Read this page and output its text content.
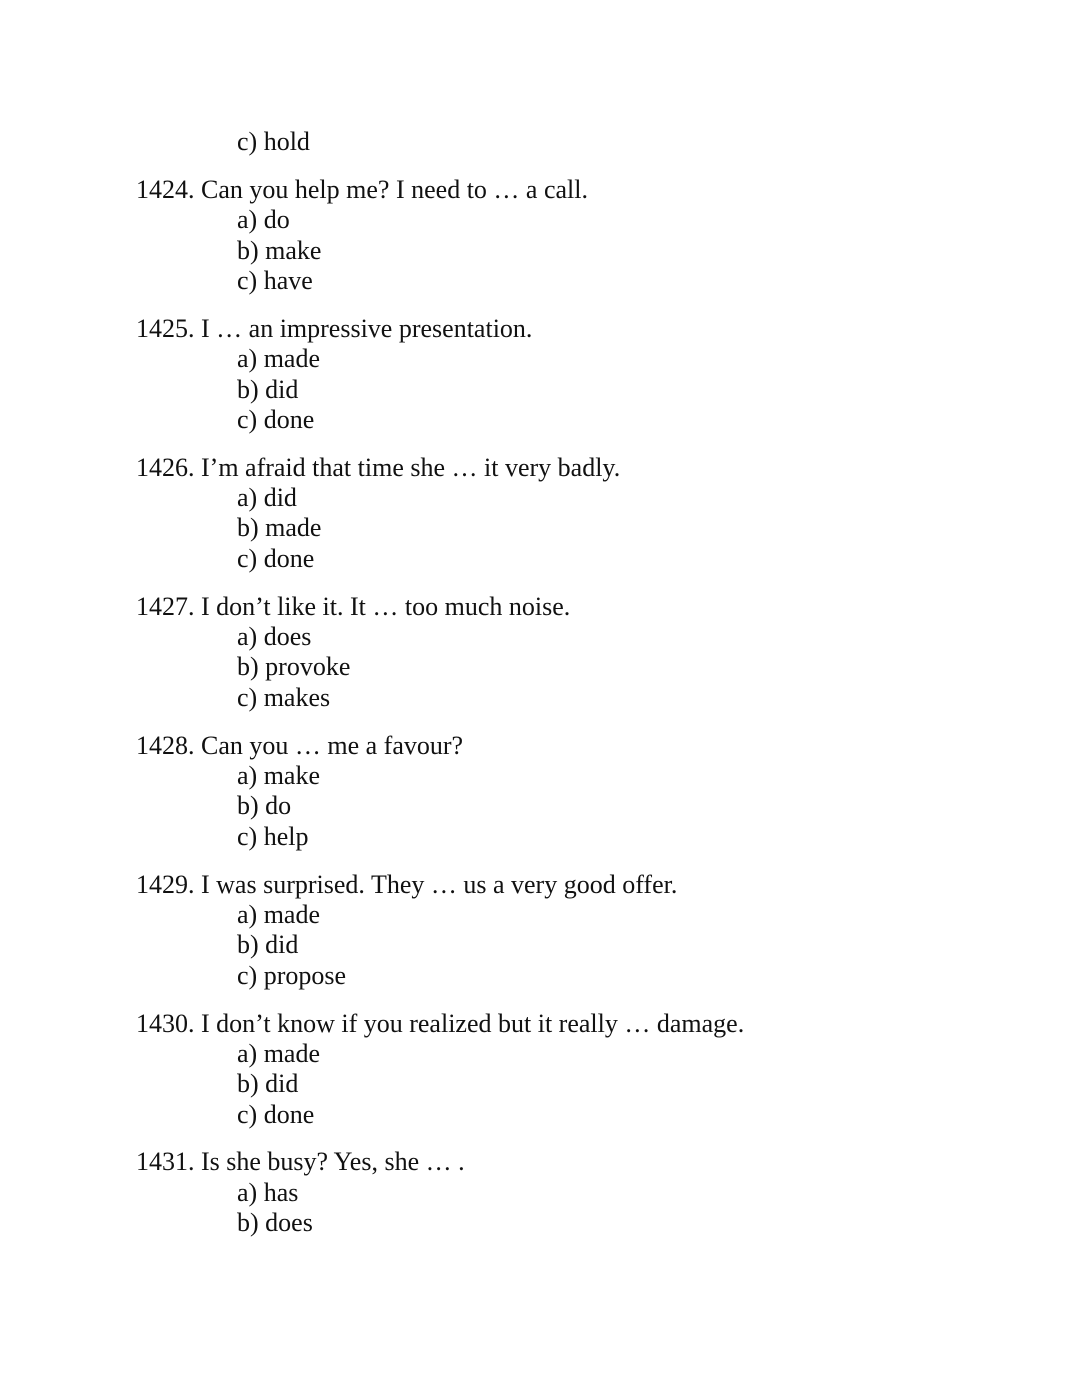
c) hold
1424. Can you help me? I need to … a call.
a) do
b) make
c) have
1425. I … an impressive presentation.
a) made
b) did
c) done
1426. I’m afraid that time she … it very badly.
a) did
b) made
c) done
1427. I don’t like it. It … too much noise.
a) does
b) provoke
c) makes
1428. Can you … me a favour?
a) make
b) do
c) help
1429. I was surprised. They … us a very good offer.
a) made
b) did
c) propose
1430. I don’t know if you realized but it really … damage.
a) made
b) did
c) done
1431. Is she busy? Yes, she … .
a) has
b) does
